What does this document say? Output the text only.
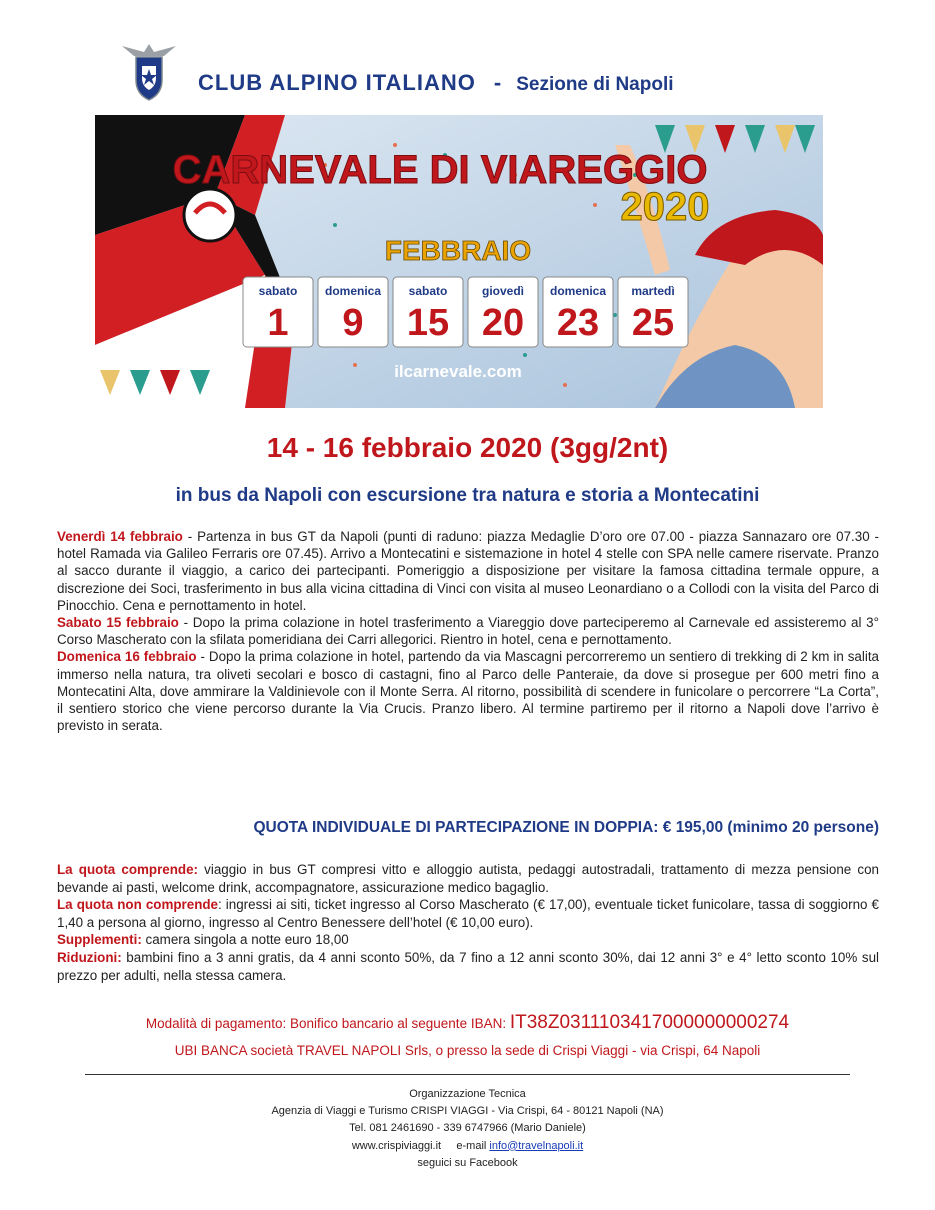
CLUB ALPINO ITALIANO - Sezione di Napoli
CARNEVALE DI VIAREGGIO
2020
FEBBRAIO
sabato
1
domenica
9
sabato
15
giovedì
20
domenica
23
martedì
25
ilcarnevale.com
14 - 16 febbraio 2020 (3gg/2nt)
in bus da Napoli con escursione tra natura e storia a Montecatini

Venerdì 14 febbraio - Partenza in bus GT da Napoli (punti di raduno: piazza Medaglie D’oro ore 07.00 - piazza Sannazaro ore 07.30 - hotel Ramada via Galileo Ferraris ore 07.45). Arrivo a Montecatini e sistemazione in hotel 4 stelle con SPA nelle camere riservate. Pranzo al sacco durante il viaggio, a carico dei partecipanti. Pomeriggio a disposizione per visitare la famosa cittadina termale oppure, a discrezione dei Soci, trasferimento in bus alla vicina cittadina di Vinci con visita al museo Leonardiano o a Collodi con la visita del Parco di Pinocchio. Cena e pernottamento in hotel.

Sabato 15 febbraio - Dopo la prima colazione in hotel trasferimento a Viareggio dove parteciperemo al Carnevale ed assisteremo al 3° Corso Mascherato con la sfilata pomeridiana dei Carri allegorici. Rientro in hotel, cena e pernottamento.

Domenica 16 febbraio - Dopo la prima colazione in hotel, partendo da via Mascagni percorreremo un sentiero di trekking di 2 km in salita immerso nella natura, tra oliveti secolari e bosco di castagni, fino al Parco delle Panteraie, da dove si prosegue per 600 metri fino a Montecatini Alta, dove ammirare la Valdinievole con il Monte Serra. Al ritorno, possibilità di scendere in funicolare o percorrere “La Corta”, il sentiero storico che viene percorso durante la Via Crucis. Pranzo libero. Al termine partiremo per il ritorno a Napoli dove l’arrivo è previsto in serata.

QUOTA INDIVIDUALE DI PARTECIPAZIONE IN DOPPIA: € 195,00 (minimo 20 persone)

La quota comprende: viaggio in bus GT compresi vitto e alloggio autista, pedaggi autostradali, trattamento di mezza pensione con bevande ai pasti, welcome drink, accompagnatore, assicurazione medico bagaglio.

La quota non comprende: ingressi ai siti, ticket ingresso al Corso Mascherato (€ 17,00), eventuale ticket funicolare, tassa di soggiorno € 1,40 a persona al giorno, ingresso al Centro Benessere dell’hotel (€ 10,00 euro).

Supplementi: camera singola a notte euro 18,00

Riduzioni: bambini fino a 3 anni gratis, da 4 anni sconto 50%, da 7 fino a 12 anni sconto 30%, dai 12 anni 3° e 4° letto sconto 10% sul prezzo per adulti, nella stessa camera.

Modalità di pagamento: Bonifico bancario al seguente IBAN: IT38Z0311103417000000000274
UBI BANCA società TRAVEL NAPOLI Srls, o presso la sede di Crispi Viaggi - via Crispi, 64 Napoli

Organizzazione Tecnica

Agenzia di Viaggi e Turismo CRISPI VIAGGI - Via Crispi, 64 - 80121 Napoli (NA)

Tel. 081 2461690 - 339 6747966 (Mario Daniele)

www.crispiviaggi.it e-mail info@travelnapoli.it

seguici su Facebook
